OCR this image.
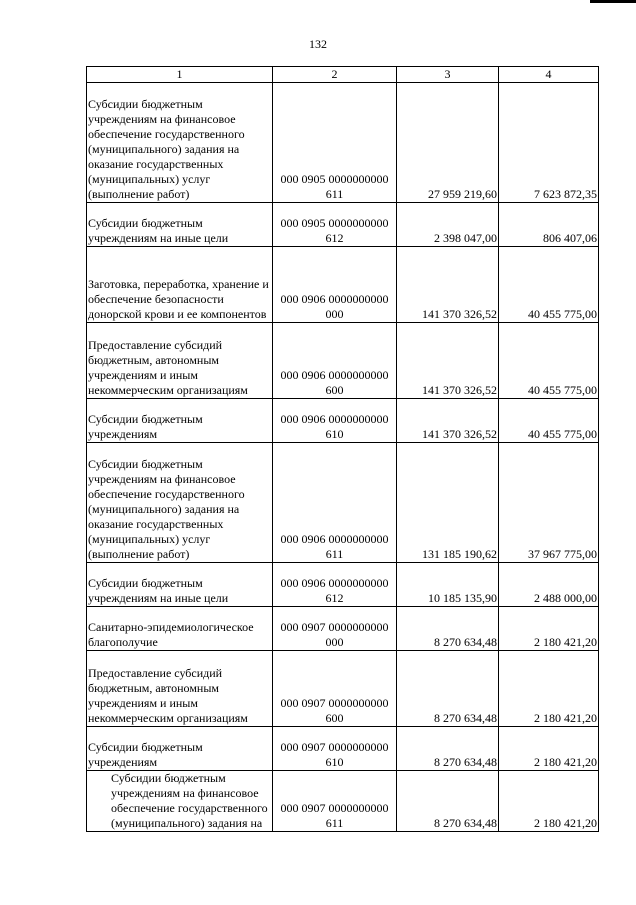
132
1	2	3	4
Субсидии бюджетным учреждениям на финансовое обеспечение государственного (муниципального) задания на оказание государственных (муниципальных) услуг (выполнение работ)	000 0905 0000000000 611	27 959 219,60	7 623 872,35
Субсидии бюджетным учреждениям на иные цели	000 0905 0000000000 612	2 398 047,00	806 407,06
Заготовка, переработка, хранение и обеспечение безопасности донорской крови и ее компонентов	000 0906 0000000000 000	141 370 326,52	40 455 775,00
Предоставление субсидий бюджетным, автономным учреждениям и иным некоммерческим организациям	000 0906 0000000000 600	141 370 326,52	40 455 775,00
Субсидии бюджетным учреждениям	000 0906 0000000000 610	141 370 326,52	40 455 775,00
Субсидии бюджетным учреждениям на финансовое обеспечение государственного (муниципального) задания на оказание государственных (муниципальных) услуг (выполнение работ)	000 0906 0000000000 611	131 185 190,62	37 967 775,00
Субсидии бюджетным учреждениям на иные цели	000 0906 0000000000 612	10 185 135,90	2 488 000,00
Санитарно-эпидемиологическое благополучие	000 0907 0000000000 000	8 270 634,48	2 180 421,20
Предоставление субсидий бюджетным, автономным учреждениям и иным некоммерческим организациям	000 0907 0000000000 600	8 270 634,48	2 180 421,20
Субсидии бюджетным учреждениям	000 0907 0000000000 610	8 270 634,48	2 180 421,20
Субсидии бюджетным учреждениям на финансовое обеспечение государственного (муниципального) задания на	000 0907 0000000000 611	8 270 634,48	2 180 421,20
